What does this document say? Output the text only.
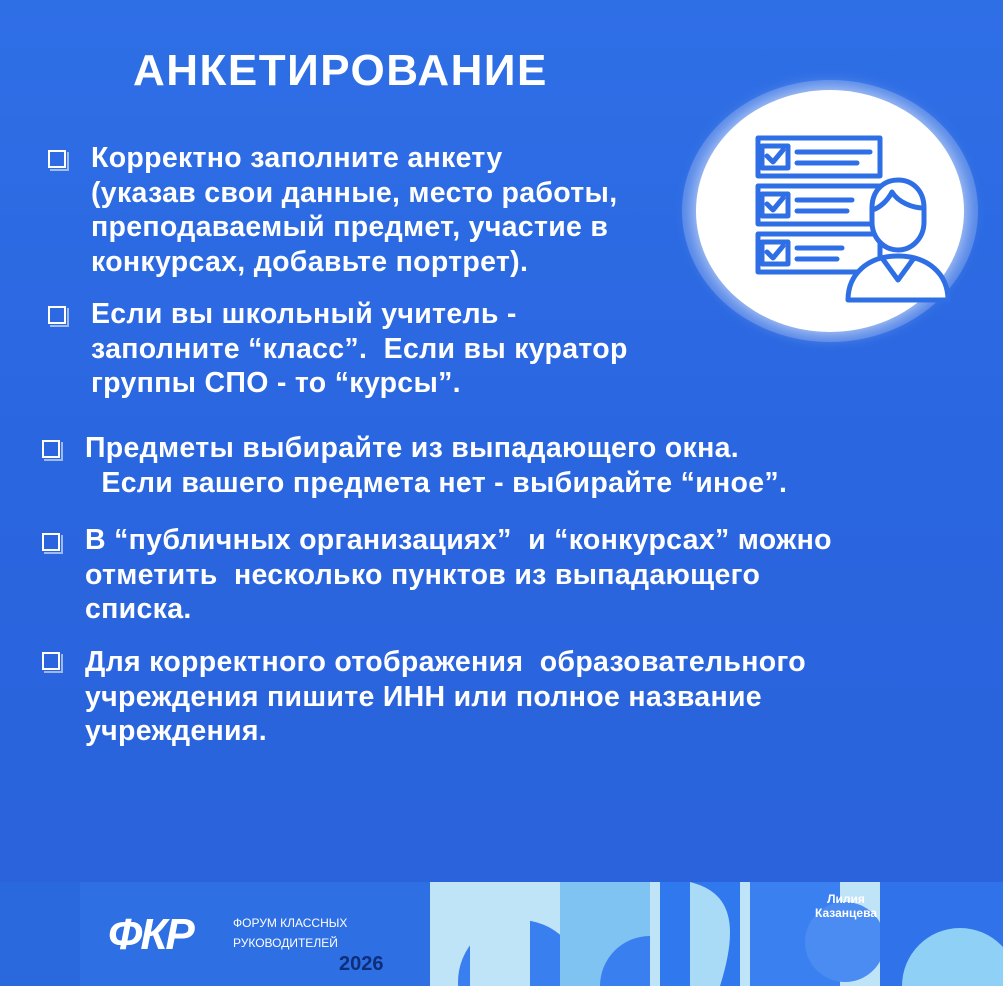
АНКЕТИРОВАНИЕ
Корректно заполните анкету
(указав свои данные, место работы,
преподаваемый предмет, участие в
конкурсах, добавьте портрет).
Если вы школьный учитель -
заполните “класс”.  Если вы куратор
группы СПО - то “курсы”.
Предметы выбирайте из выпадающего окна.
Если вашего предмета нет - выбирайте “иное”.
В “публичных организациях”  и “конкурсах” можно
отметить  несколько пунктов из выпадающего
списка.
Для корректного отображения  образовательного
учреждения пишите ИНН или полное название
учреждения.
ФКР	ФОРУМ КЛАССНЫХ
РУКОВОДИТЕЛЕЙ
2026
Лилия
Казанцева
